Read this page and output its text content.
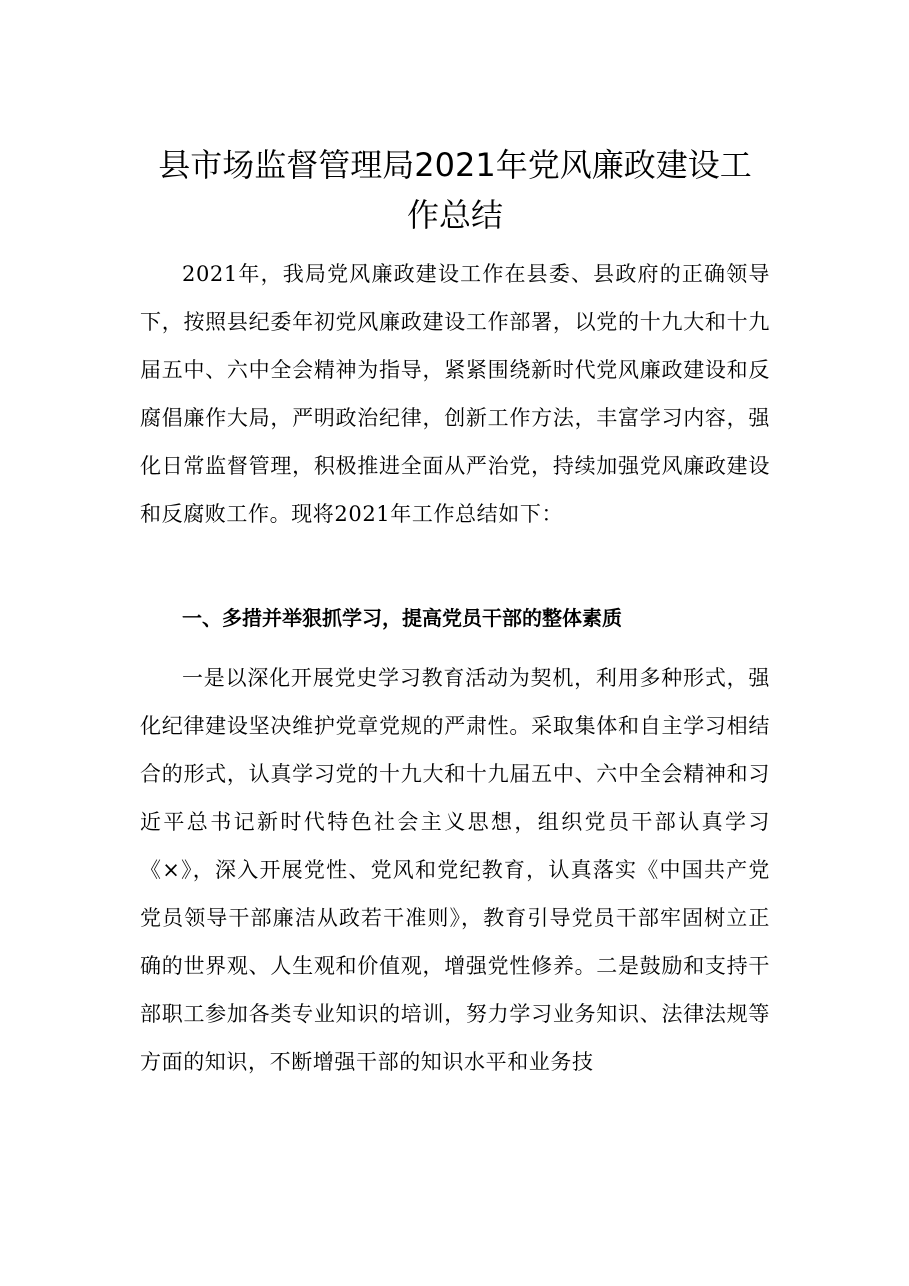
县市场监督管理局2021年党风廉政建设工
作总结

2021年，我局党风廉政建设工作在县委、县政府的正确领导下，按照县纪委年初党风廉政建设工作部署，以党的十九大和十九届五中、六中全会精神为指导，紧紧围绕新时代党风廉政建设和反腐倡廉作大局，严明政治纪律，创新工作方法，丰富学习内容，强化日常监督管理，积极推进全面从严治党，持续加强党风廉政建设和反腐败工作。现将2021年工作总结如下：

一、多措并举狠抓学习，提高党员干部的整体素质

一是以深化开展党史学习教育活动为契机，利用多种形式，强化纪律建设坚决维护党章党规的严肃性。采取集体和自主学习相结合的形式，认真学习党的十九大和十九届五中、六中全会精神和习近平总书记新时代特色社会主义思想，组织党员干部认真学习《×》，深入开展党性、党风和党纪教育，认真落实《中国共产党党员领导干部廉洁从政若干准则》，教育引导党员干部牢固树立正确的世界观、人生观和价值观，增强党性修养。二是鼓励和支持干部职工参加各类专业知识的培训，努力学习业务知识、法律法规等方面的知识，不断增强干部的知识水平和业务技
